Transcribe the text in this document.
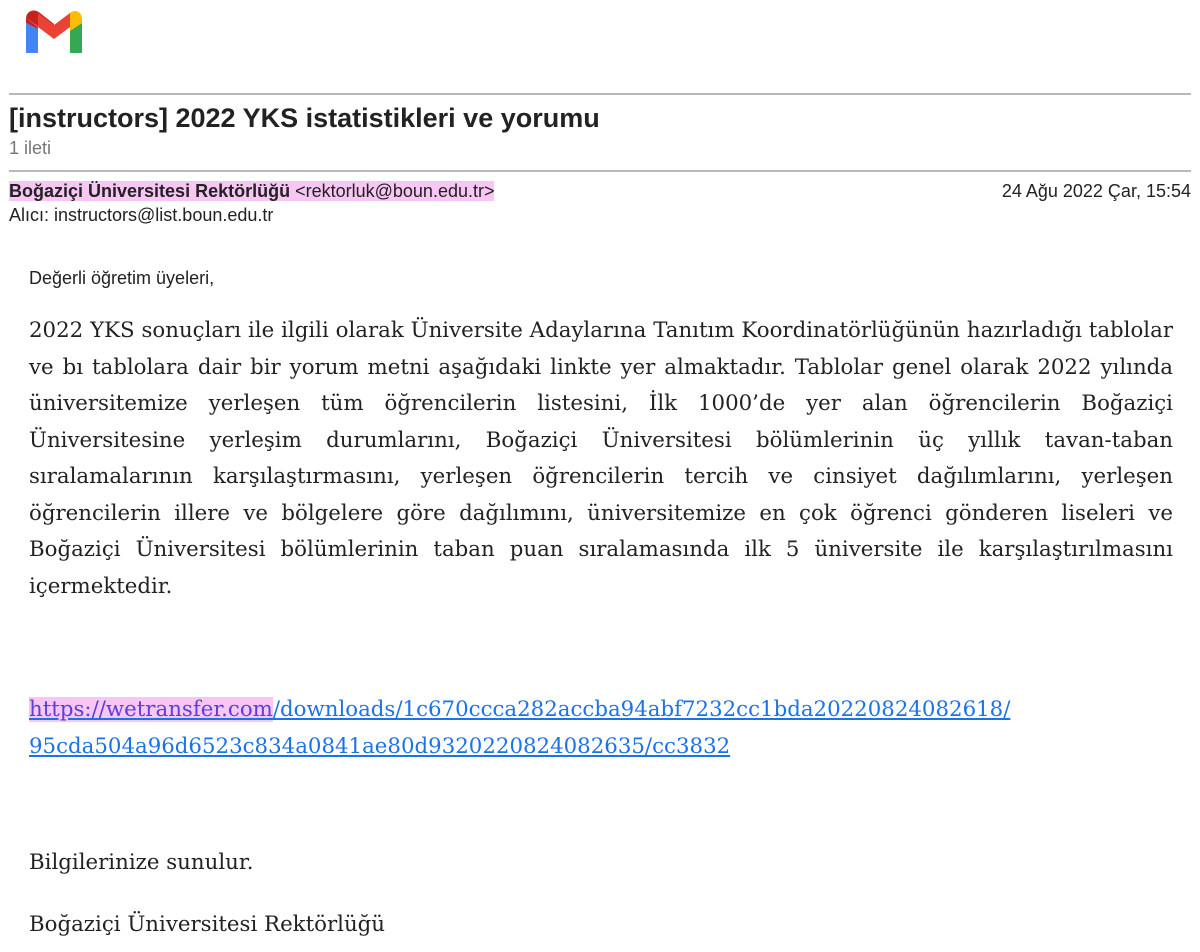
[instructors] 2022 YKS istatistikleri ve yorumu
1 ileti
Boğaziçi Üniversitesi Rektörlüğü <rektorluk@boun.edu.tr>	24 Ağu 2022 Çar, 15:54
Alıcı: instructors@list.boun.edu.tr
Değerli öğretim üyeleri,
2022 YKS sonuçları ile ilgili olarak Üniversite Adaylarına Tanıtım Koordinatörlüğünün hazırladığı tablolar ve bı tablolara dair bir yorum metni aşağıdaki linkte yer almaktadır. Tablolar genel olarak 2022 yılında üniversitemize yerleşen tüm öğrencilerin listesini, İlk 1000’de yer alan öğrencilerin Boğaziçi Üniversitesine yerleşim durumlarını, Boğaziçi Üniversitesi bölümlerinin üç yıllık tavan-taban sıralamalarının karşılaştırmasını, yerleşen öğrencilerin tercih ve cinsiyet dağılımlarını, yerleşen öğrencilerin illere ve bölgelere göre dağılımını, üniversitemize en çok öğrenci gönderen liseleri ve Boğaziçi Üniversitesi bölümlerinin taban puan sıralamasında ilk 5 üniversite ile karşılaştırılmasını içermektedir.
https://wetransfer.com/downloads/1c670ccca282accba94abf7232cc1bda20220824082618/
95cda504a96d6523c834a0841ae80d9320220824082635/cc3832
Bilgilerinize sunulur.
Boğaziçi Üniversitesi Rektörlüğü
